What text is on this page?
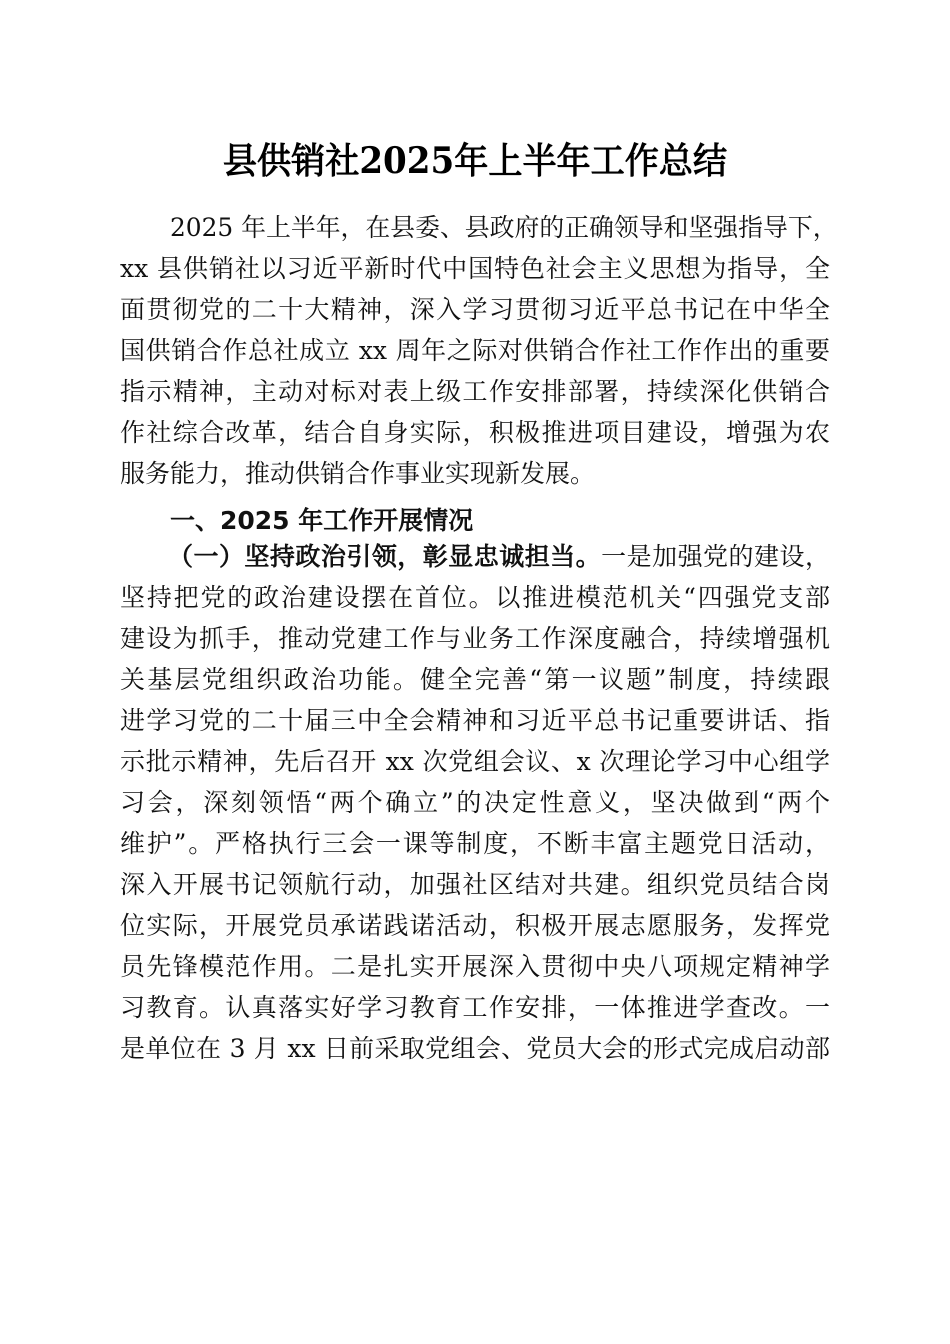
县供销社2025年上半年工作总结
2025 年上半年，在县委、县政府的正确领导和坚强指导下，
xx 县供销社以习近平新时代中国特色社会主义思想为指导，全
面贯彻党的二十大精神，深入学习贯彻习近平总书记在中华全
国供销合作总社成立 xx 周年之际对供销合作社工作作出的重要
指示精神，主动对标对表上级工作安排部署，持续深化供销合
作社综合改革，结合自身实际，积极推进项目建设，增强为农
服务能力，推动供销合作事业实现新发展。
一、2025 年工作开展情况
（一）坚持政治引领，彰显忠诚担当。一是加强党的建设，
坚持把党的政治建设摆在首位。以推进模范机关“四强党支部
建设为抓手，推动党建工作与业务工作深度融合，持续增强机
关基层党组织政治功能。健全完善“第一议题”制度，持续跟
进学习党的二十届三中全会精神和习近平总书记重要讲话、指
示批示精神，先后召开 xx 次党组会议、x 次理论学习中心组学
习会，深刻领悟“两个确立”的决定性意义，坚决做到“两个
维护”。严格执行三会一课等制度，不断丰富主题党日活动，
深入开展书记领航行动，加强社区结对共建。组织党员结合岗
位实际，开展党员承诺践诺活动，积极开展志愿服务，发挥党
员先锋模范作用。二是扎实开展深入贯彻中央八项规定精神学
习教育。认真落实好学习教育工作安排，一体推进学查改。一
是单位在 3 月 xx 日前采取党组会、党员大会的形式完成启动部
